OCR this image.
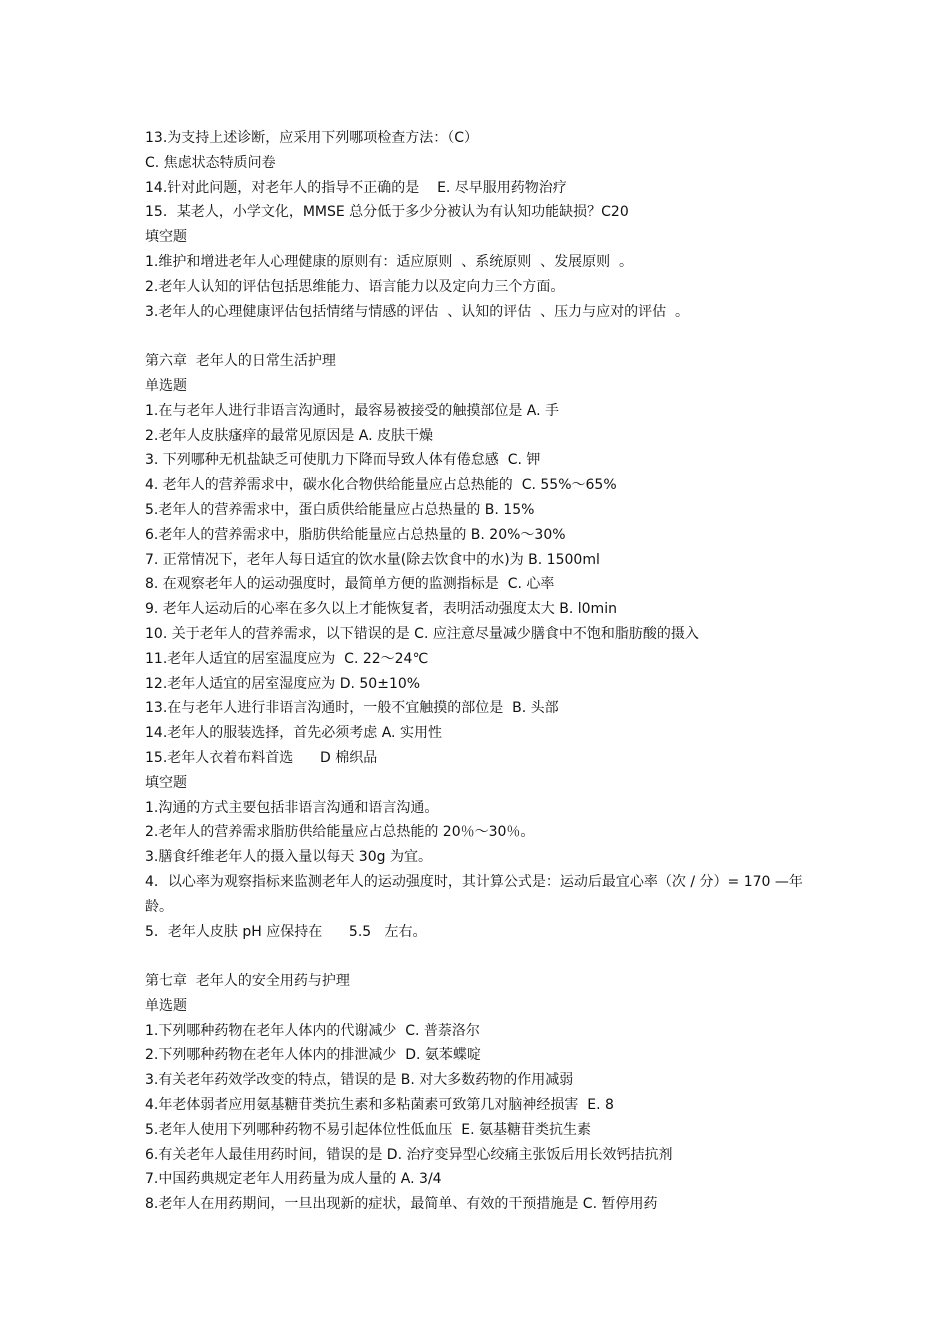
13.为支持上述诊断，应采用下列哪项检查方法：（C）
C. 焦虑状态特质问卷
14.针对此问题，对老年人的指导不正确的是    E. 尽早服用药物治疗
15．某老人，小学文化，MMSE 总分低于多少分被认为有认知功能缺损？C20
填空题
1.维护和增进老年人心理健康的原则有：适应原则  、系统原则  、发展原则  。
2.老年人认知的评估包括思维能力、语言能力以及定向力三个方面。
3.老年人的心理健康评估包括情绪与情感的评估  、认知的评估  、压力与应对的评估  。
第六章  老年人的日常生活护理
单选题
1.在与老年人进行非语言沟通时，最容易被接受的触摸部位是 A. 手
2.老年人皮肤瘙痒的最常见原因是 A. 皮肤干燥
3. 下列哪种无机盐缺乏可使肌力下降而导致人体有倦怠感  C. 钾
4. 老年人的营养需求中，碳水化合物供给能量应占总热能的  C. 55%～65%
5.老年人的营养需求中，蛋白质供给能量应占总热量的 B. 15%
6.老年人的营养需求中，脂肪供给能量应占总热量的 B. 20%～30%
7. 正常情况下，老年人每日适宜的饮水量(除去饮食中的水)为 B. 1500ml
8. 在观察老年人的运动强度时，最简单方便的监测指标是  C. 心率
9. 老年人运动后的心率在多久以上才能恢复者，表明活动强度太大 B. l0min
10. 关于老年人的营养需求，以下错误的是 C. 应注意尽量减少膳食中不饱和脂肪酸的摄入
11.老年人适宜的居室温度应为  C. 22～24℃
12.老年人适宜的居室湿度应为 D. 50±10%
13.在与老年人进行非语言沟通时，一般不宜触摸的部位是  B. 头部
14.老年人的服装选择，首先必须考虑 A. 实用性
15.老年人衣着布料首选      D 棉织品
填空题
1.沟通的方式主要包括非语言沟通和语言沟通。
2.老年人的营养需求脂肪供给能量应占总热能的 20％～30％。
3.膳食纤维老年人的摄入量以每天 30g 为宜。
4．以心率为观察指标来监测老年人的运动强度时，其计算公式是：运动后最宜心率（次 / 分）= 170 —年龄。
5．老年人皮肤 pH 应保持在      5.5   左右。
第七章  老年人的安全用药与护理
单选题
1.下列哪种药物在老年人体内的代谢减少  C. 普萘洛尔
2.下列哪种药物在老年人体内的排泄减少  D. 氨苯蝶啶
3.有关老年药效学改变的特点，错误的是 B. 对大多数药物的作用减弱
4.年老体弱者应用氨基糖苷类抗生素和多粘菌素可致第几对脑神经损害  E. 8
5.老年人使用下列哪种药物不易引起体位性低血压  E. 氨基糖苷类抗生素
6.有关老年人最佳用药时间，错误的是 D. 治疗变异型心绞痛主张饭后用长效钙拮抗剂
7.中国药典规定老年人用药量为成人量的 A. 3/4
8.老年人在用药期间，一旦出现新的症状，最简单、有效的干预措施是 C. 暂停用药
